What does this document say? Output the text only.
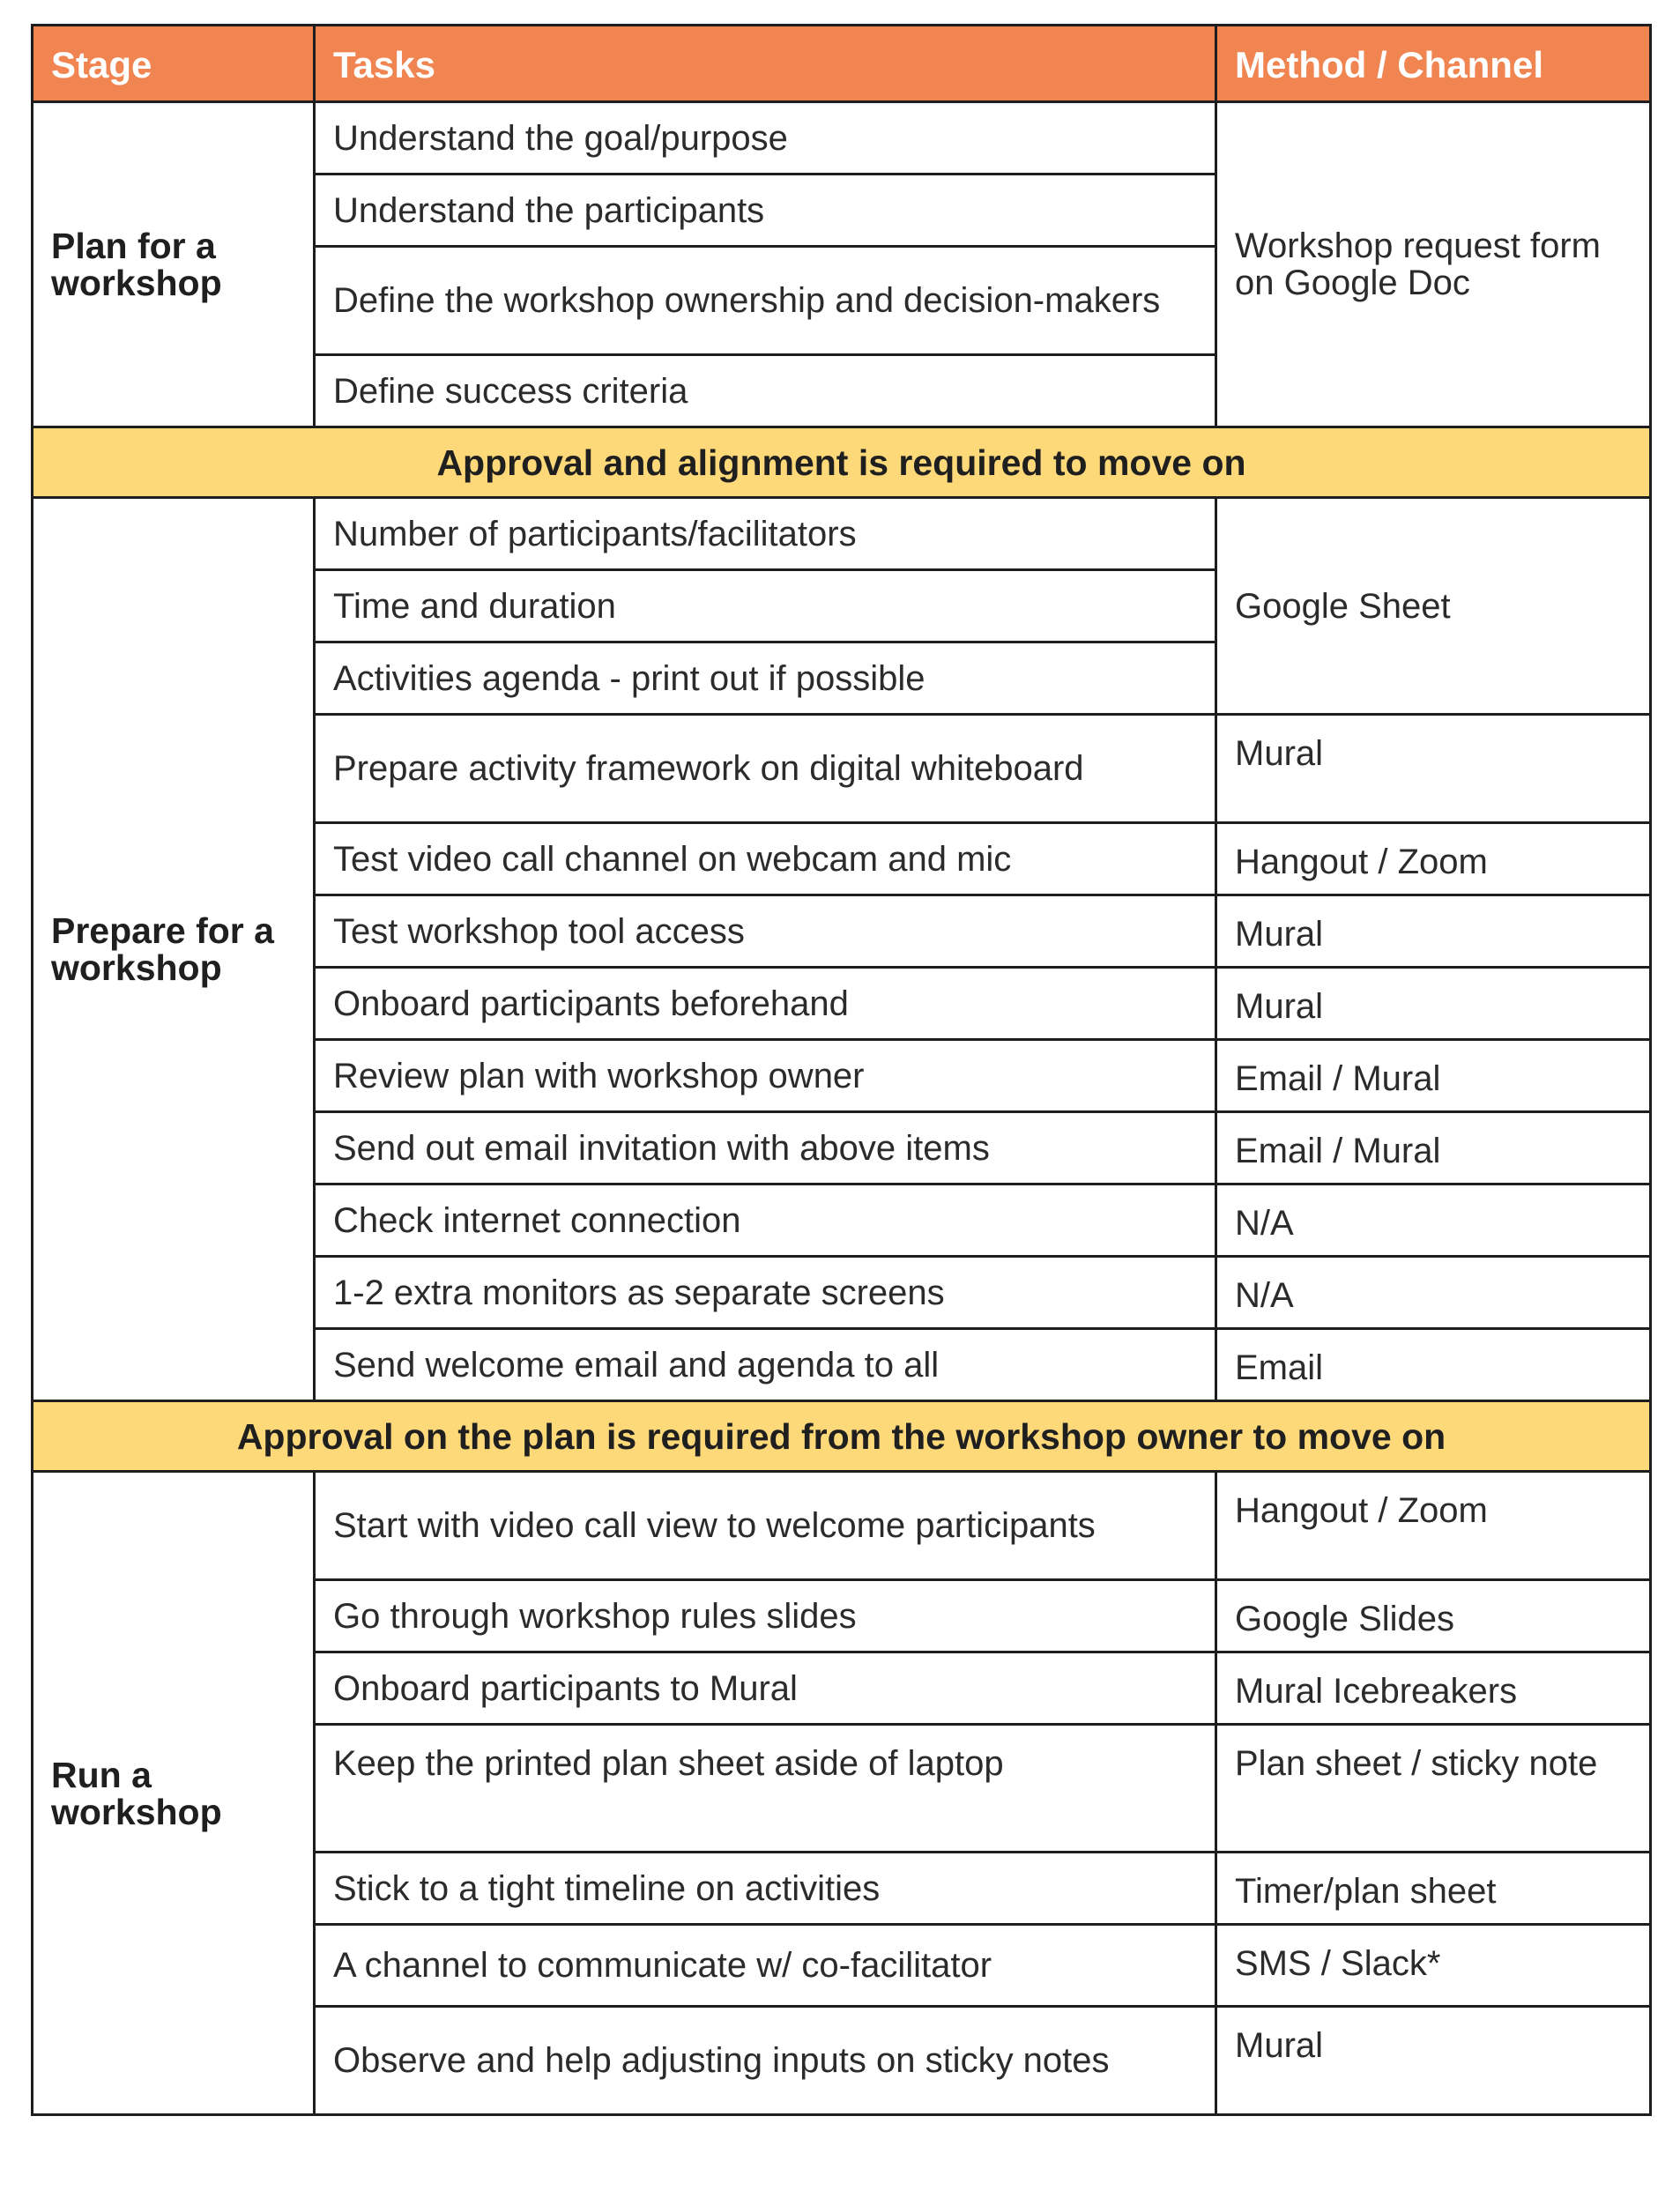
Stage	Tasks	Method / Channel
Plan for a workshop	Understand the goal/purpose	Workshop request form on Google Doc
	Understand the participants	
	Define the workshop ownership and decision-makers	
	Define success criteria	
Approval and alignment is required to move on		
Prepare for a workshop	Number of participants/facilitators	Google Sheet
	Time and duration	
	Activities agenda - print out if possible	
	Prepare activity framework on digital whiteboard	Mural
	Test video call channel on webcam and mic	Hangout / Zoom
	Test workshop tool access	Mural
	Onboard participants beforehand	Mural
	Review plan with workshop owner	Email / Mural
	Send out email invitation with above items	Email / Mural
	Check internet connection	N/A
	1-2 extra monitors as separate screens	N/A
	Send welcome email and agenda to all	Email
Approval on the plan is required from the workshop owner to move on		
Run a workshop	Start with video call view to welcome participants	Hangout / Zoom
	Go through workshop rules slides	Google Slides
	Onboard participants to Mural	Mural Icebreakers
	Keep the printed plan sheet aside of laptop	Plan sheet / sticky note
	Stick to a tight timeline on activities	Timer/plan sheet
	A channel to communicate w/ co-facilitator	SMS / Slack*
	Observe and help adjusting inputs on sticky notes	Mural
